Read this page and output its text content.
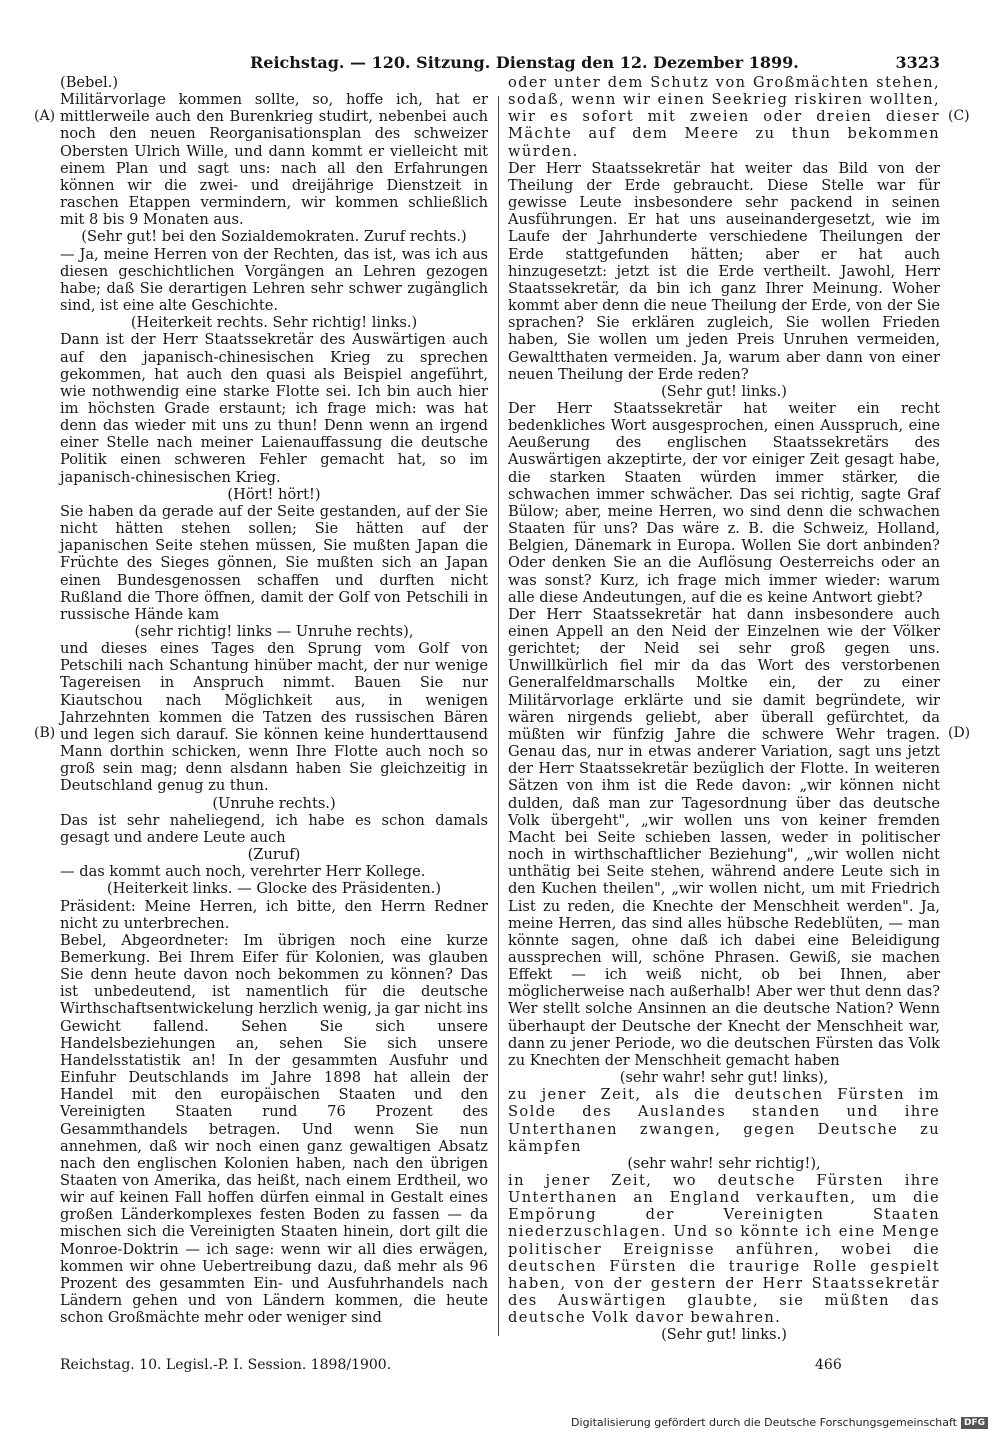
Reichstag. — 120. Sitzung. Dienstag den 12. Dezember 1899.	3323
(A)
(B)
(C)
(D)

(Bebel.)

Militärvorlage kommen sollte, so, hoffe ich, hat er mittlerweile auch den Burenkrieg studirt, nebenbei auch noch den neuen Reorganisationsplan des schweizer Obersten Ulrich Wille, und dann kommt er vielleicht mit einem Plan und sagt uns: nach all den Erfahrungen können wir die zwei- und dreijährige Dienstzeit in raschen Etappen vermindern, wir kommen schließlich mit 8 bis 9 Monaten aus.

(Sehr gut! bei den Sozialdemokraten. Zuruf rechts.)

— Ja, meine Herren von der Rechten, das ist, was ich aus diesen geschichtlichen Vorgängen an Lehren gezogen habe; daß Sie derartigen Lehren sehr schwer zugänglich sind, ist eine alte Geschichte.

(Heiterkeit rechts. Sehr richtig! links.)

Dann ist der Herr Staatssekretär des Auswärtigen auch auf den japanisch-chinesischen Krieg zu sprechen gekommen, hat auch den quasi als Beispiel angeführt, wie nothwendig eine starke Flotte sei. Ich bin auch hier im höchsten Grade erstaunt; ich frage mich: was hat denn das wieder mit uns zu thun! Denn wenn an irgend einer Stelle nach meiner Laienauffassung die deutsche Politik einen schweren Fehler gemacht hat, so im japanisch-chinesischen Krieg.

(Hört! hört!)

Sie haben da gerade auf der Seite gestanden, auf der Sie nicht hätten stehen sollen; Sie hätten auf der japanischen Seite stehen müssen, Sie mußten Japan die Früchte des Sieges gönnen, Sie mußten sich an Japan einen Bundesgenossen schaffen und durften nicht Rußland die Thore öffnen, damit der Golf von Petschili in russische Hände kam

(sehr richtig! links — Unruhe rechts),

und dieses eines Tages den Sprung vom Golf von Petschili nach Schantung hinüber macht, der nur wenige Tagereisen in Anspruch nimmt. Bauen Sie nur Kiautschou nach Möglichkeit aus, in wenigen Jahrzehnten kommen die Tatzen des russischen Bären und legen sich darauf. Sie können keine hunderttausend Mann dorthin schicken, wenn Ihre Flotte auch noch so groß sein mag; denn alsdann haben Sie gleichzeitig in Deutschland genug zu thun.

(Unruhe rechts.)

Das ist sehr naheliegend, ich habe es schon damals gesagt und andere Leute auch

(Zuruf)

— das kommt auch noch, verehrter Herr Kollege.

(Heiterkeit links. — Glocke des Präsidenten.)

Präsident: Meine Herren, ich bitte, den Herrn Redner nicht zu unterbrechen.

Bebel, Abgeordneter: Im übrigen noch eine kurze Bemerkung. Bei Ihrem Eifer für Kolonien, was glauben Sie denn heute davon noch bekommen zu können? Das ist unbedeutend, ist namentlich für die deutsche Wirthschaftsentwickelung herzlich wenig, ja gar nicht ins Gewicht fallend. Sehen Sie sich unsere Handelsbeziehungen an, sehen Sie sich unsere Handelsstatistik an! In der gesammten Ausfuhr und Einfuhr Deutschlands im Jahre 1898 hat allein der Handel mit den europäischen Staaten und den Vereinigten Staaten rund 76 Prozent des Gesammthandels betragen. Und wenn Sie nun annehmen, daß wir noch einen ganz gewaltigen Absatz nach den englischen Kolonien haben, nach den übrigen Staaten von Amerika, das heißt, nach einem Erdtheil, wo wir auf keinen Fall hoffen dürfen einmal in Gestalt eines großen Länderkomplexes festen Boden zu fassen — da mischen sich die Vereinigten Staaten hinein, dort gilt die Monroe-Doktrin — ich sage: wenn wir all dies erwägen, kommen wir ohne Uebertreibung dazu, daß mehr als 96 Prozent des gesammten Ein- und Ausfuhrhandels nach Ländern gehen und von Ländern kommen, die heute schon Großmächte mehr oder weniger sind

oder unter dem Schutz von Großmächten stehen, sodaß, wenn wir einen Seekrieg riskiren wollten, wir es sofort mit zweien oder dreien dieser Mächte auf dem Meere zu thun bekommen würden.

Der Herr Staatssekretär hat weiter das Bild von der Theilung der Erde gebraucht. Diese Stelle war für gewisse Leute insbesondere sehr packend in seinen Ausführungen. Er hat uns auseinandergesetzt, wie im Laufe der Jahrhunderte verschiedene Theilungen der Erde stattgefunden hätten; aber er hat auch hinzugesetzt: jetzt ist die Erde vertheilt. Jawohl, Herr Staatssekretär, da bin ich ganz Ihrer Meinung. Woher kommt aber denn die neue Theilung der Erde, von der Sie sprachen? Sie erklären zugleich, Sie wollen Frieden haben, Sie wollen um jeden Preis Unruhen vermeiden, Gewaltthaten vermeiden. Ja, warum aber dann von einer neuen Theilung der Erde reden?

(Sehr gut! links.)

Der Herr Staatssekretär hat weiter ein recht bedenkliches Wort ausgesprochen, einen Ausspruch, eine Aeußerung des englischen Staatssekretärs des Auswärtigen akzeptirte, der vor einiger Zeit gesagt habe, die starken Staaten würden immer stärker, die schwachen immer schwächer. Das sei richtig, sagte Graf Bülow; aber, meine Herren, wo sind denn die schwachen Staaten für uns? Das wäre z. B. die Schweiz, Holland, Belgien, Dänemark in Europa. Wollen Sie dort anbinden? Oder denken Sie an die Auflösung Oesterreichs oder an was sonst? Kurz, ich frage mich immer wieder: warum alle diese Andeutungen, auf die es keine Antwort giebt?

Der Herr Staatssekretär hat dann insbesondere auch einen Appell an den Neid der Einzelnen wie der Völker gerichtet; der Neid sei sehr groß gegen uns. Unwillkürlich fiel mir da das Wort des verstorbenen Generalfeldmarschalls Moltke ein, der zu einer Militärvorlage erklärte und sie damit begründete, wir wären nirgends geliebt, aber überall gefürchtet, da müßten wir fünfzig Jahre die schwere Wehr tragen. Genau das, nur in etwas anderer Variation, sagt uns jetzt der Herr Staatssekretär bezüglich der Flotte. In weiteren Sätzen von ihm ist die Rede davon: „wir können nicht dulden, daß man zur Tagesordnung über das deutsche Volk übergeht", „wir wollen uns von keiner fremden Macht bei Seite schieben lassen, weder in politischer noch in wirthschaftlicher Beziehung", „wir wollen nicht unthätig bei Seite stehen, während andere Leute sich in den Kuchen theilen", „wir wollen nicht, um mit Friedrich List zu reden, die Knechte der Menschheit werden". Ja, meine Herren, das sind alles hübsche Redeblüten, — man könnte sagen, ohne daß ich dabei eine Beleidigung aussprechen will, schöne Phrasen. Gewiß, sie machen Effekt — ich weiß nicht, ob bei Ihnen, aber möglicherweise nach außerhalb! Aber wer thut denn das? Wer stellt solche Ansinnen an die deutsche Nation? Wenn überhaupt der Deutsche der Knecht der Menschheit war, dann zu jener Periode, wo die deutschen Fürsten das Volk zu Knechten der Menschheit gemacht haben

(sehr wahr! sehr gut! links),

zu jener Zeit, als die deutschen Fürsten im Solde des Auslandes standen und ihre Unterthanen zwangen, gegen Deutsche zu kämpfen

(sehr wahr! sehr richtig!),

in jener Zeit, wo deutsche Fürsten ihre Unterthanen an England verkauften, um die Empörung der Vereinigten Staaten niederzuschlagen. Und so könnte ich eine Menge politischer Ereignisse anführen, wobei die deutschen Fürsten die traurige Rolle gespielt haben, von der gestern der Herr Staatssekretär des Auswärtigen glaubte, sie müßten das deutsche Volk davor bewahren.

(Sehr gut! links.)

Reichstag. 10. Legisl.-P. I. Session. 1898/1900.	466
Digitalisierung gefördert durch die Deutsche Forschungsgemeinschaft DFG
